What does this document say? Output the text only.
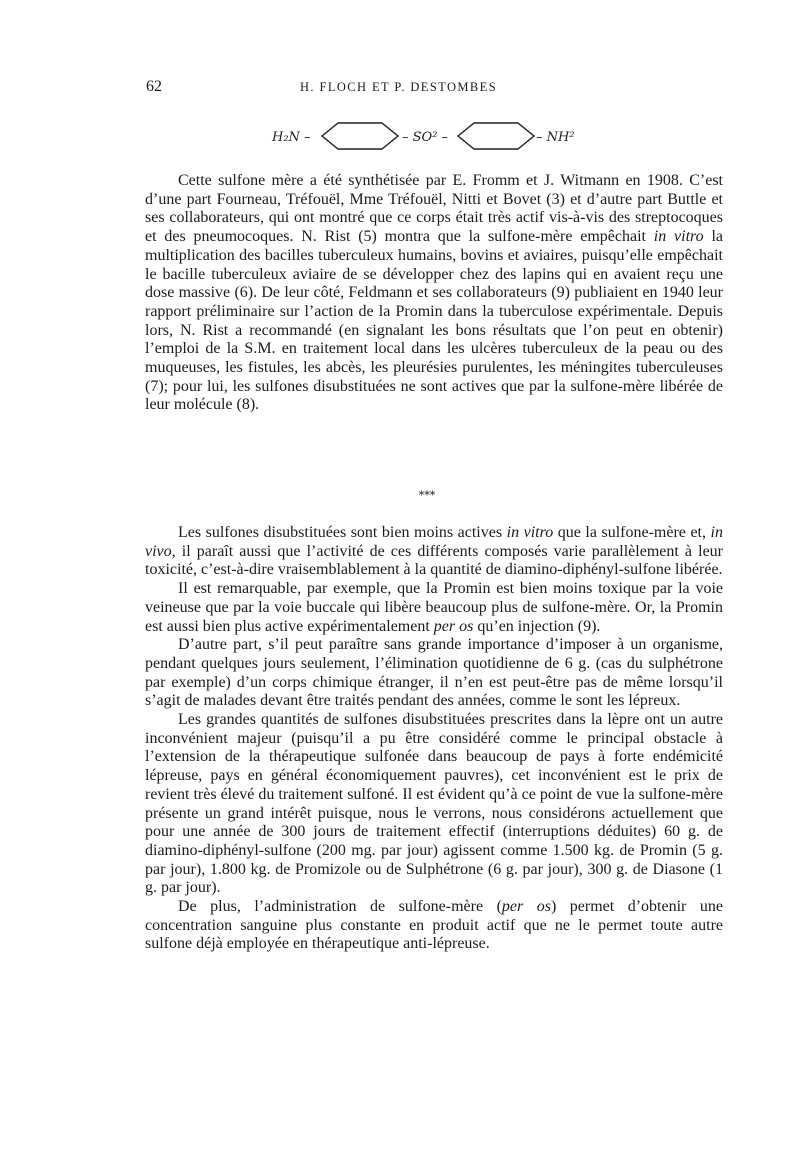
62	H. FLOCH ET P. DESTOMBES
H₂N –	– SO² –	– NH²

Cette sulfone mère a été synthétisée par E. Fromm et J. Witmann en 1908. C’est d’une part Fourneau, Tréfouël, Mme Tréfouël, Nitti et Bovet (3) et d’autre part Buttle et ses collaborateurs, qui ont montré que ce corps était très actif vis-à-vis des streptocoques et des pneumocoques. N. Rist (5) montra que la sulfone-mère empêchait in vitro la multiplication des bacilles tuberculeux humains, bovins et aviaires, puisqu’elle empêchait le bacille tuberculeux aviaire de se développer chez des lapins qui en avaient reçu une dose massive (6). De leur côté, Feldmann et ses collaborateurs (9) publiaient en 1940 leur rapport préliminaire sur l’action de la Promin dans la tuberculose expérimentale. Depuis lors, N. Rist a recommandé (en signalant les bons résultats que l’on peut en obtenir) l’emploi de la S.M. en traitement local dans les ulcères tuberculeux de la peau ou des muqueuses, les fistules, les abcès, les pleurésies purulentes, les méningites tuberculeuses (7); pour lui, les sulfones disubstituées ne sont actives que par la sulfone-mère libérée de leur molécule (8).

⁎⁎⁎

Les sulfones disubstituées sont bien moins actives in vitro que la sulfone-mère et, in vivo, il paraît aussi que l’activité de ces différents composés varie parallèlement à leur toxicité, c’est-à-dire vraisemblablement à la quantité de diamino-diphényl-sulfone libérée.

Il est remarquable, par exemple, que la Promin est bien moins toxique par la voie veineuse que par la voie buccale qui libère beaucoup plus de sulfone-mère. Or, la Promin est aussi bien plus active expérimentalement per os qu’en injection (9).

D’autre part, s’il peut paraître sans grande importance d’imposer à un organisme, pendant quelques jours seulement, l’élimination quotidienne de 6 g. (cas du sulphétrone par exemple) d’un corps chimique étranger, il n’en est peut-être pas de même lorsqu’il s’agit de malades devant être traités pendant des années, comme le sont les lépreux.

Les grandes quantités de sulfones disubstituées prescrites dans la lèpre ont un autre inconvénient majeur (puisqu’il a pu être considéré comme le principal obstacle à l’extension de la thérapeutique sulfonée dans beaucoup de pays à forte endémicité lépreuse, pays en général économiquement pauvres), cet inconvénient est le prix de revient très élevé du traitement sulfoné. Il est évident qu’à ce point de vue la sulfone-mère présente un grand intérêt puisque, nous le verrons, nous considérons actuellement que pour une année de 300 jours de traitement effectif (interruptions déduites) 60 g. de diamino-diphényl-sulfone (200 mg. par jour) agissent comme 1.500 kg. de Promin (5 g. par jour), 1.800 kg. de Promizole ou de Sulphétrone (6 g. par jour), 300 g. de Diasone (1 g. par jour).

De plus, l’administration de sulfone-mère (per os) permet d’obtenir une concentration sanguine plus constante en produit actif que ne le permet toute autre sulfone déjà employée en thérapeutique anti-lépreuse.
